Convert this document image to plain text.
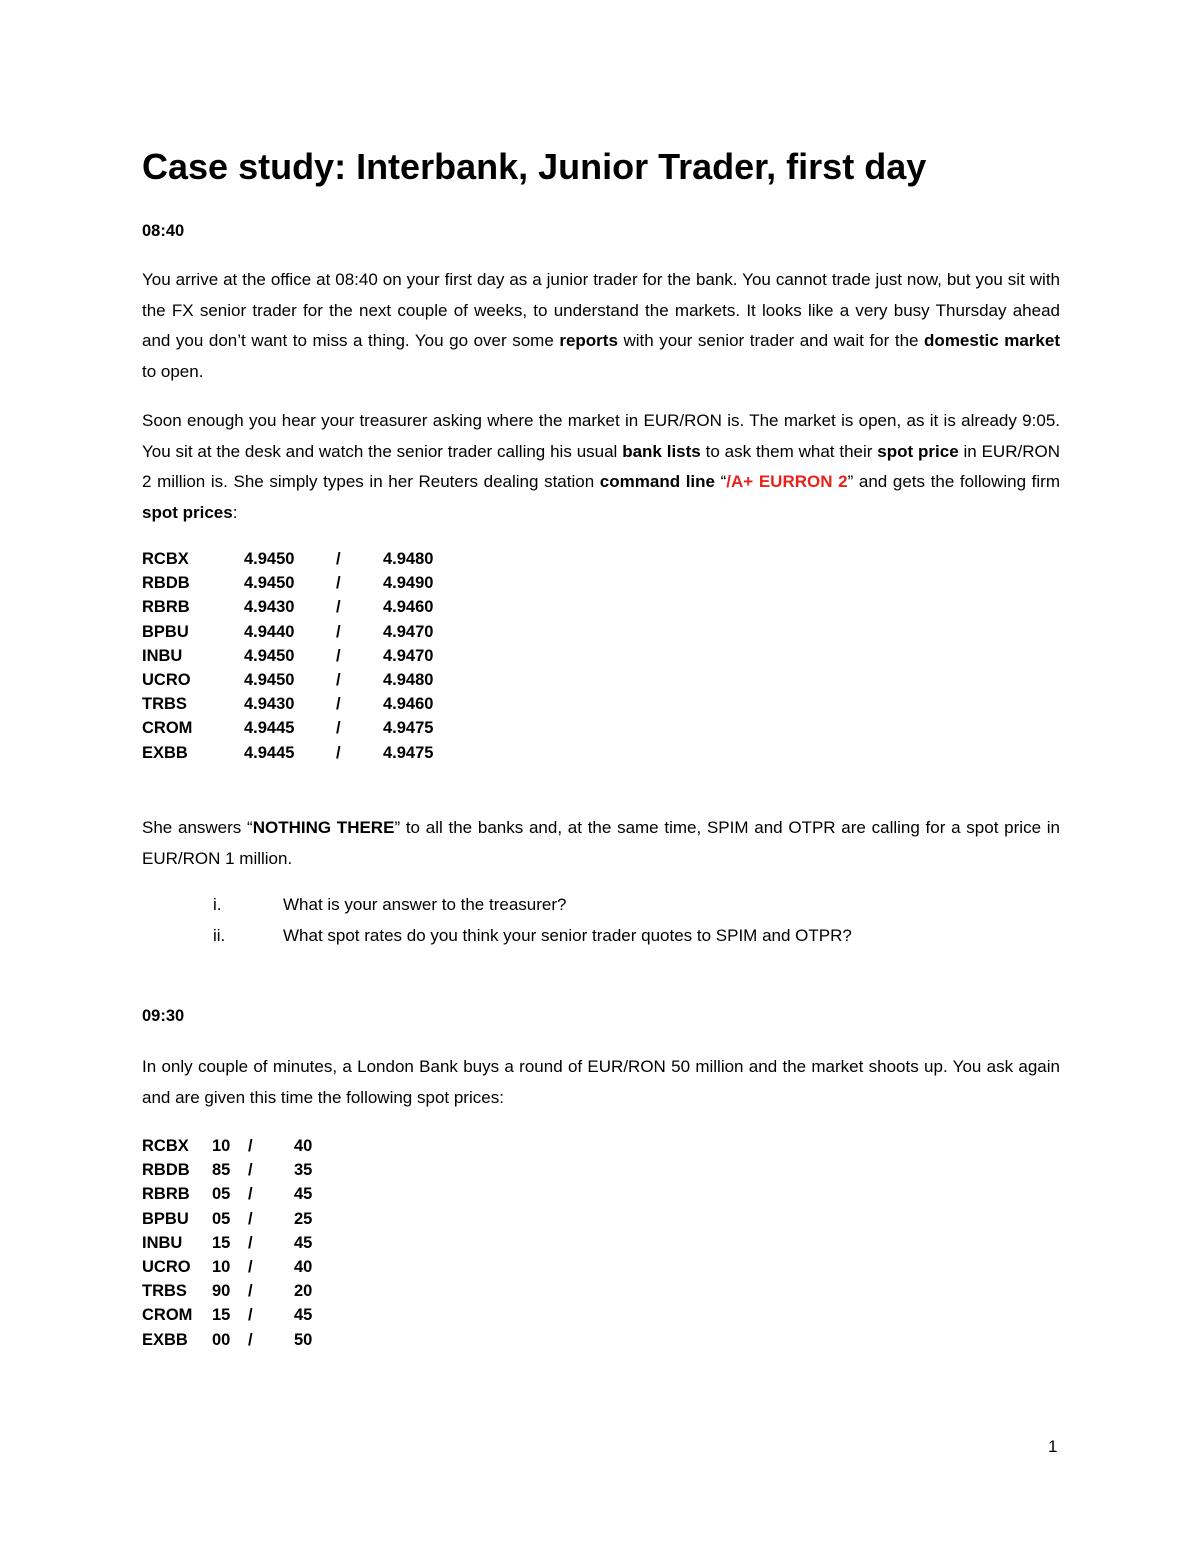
Case study: Interbank, Junior Trader, first day

08:40

You arrive at the office at 08:40 on your first day as a junior trader for the bank. You cannot trade just now, but you sit with the FX senior trader for the next couple of weeks, to understand the markets. It looks like a very busy Thursday ahead and you don’t want to miss a thing. You go over some reports with your senior trader and wait for the domestic market to open.

Soon enough you hear your treasurer asking where the market in EUR/RON is. The market is open, as it is already 9:05. You sit at the desk and watch the senior trader calling his usual bank lists to ask them what their spot price in EUR/RON 2 million is. She simply types in her Reuters dealing station command line “/A+ EURRON 2” and gets the following firm spot prices:

RCBX	4.9450	/	4.9480
RBDB	4.9450	/	4.9490
RBRB	4.9430	/	4.9460
BPBU	4.9440	/	4.9470
INBU	4.9450	/	4.9470
UCRO	4.9450	/	4.9480
TRBS	4.9430	/	4.9460
CROM	4.9445	/	4.9475
EXBB	4.9445	/	4.9475

She answers “NOTHING THERE” to all the banks and, at the same time, SPIM and OTPR are calling for a spot price in EUR/RON 1 million.

i.	What is your answer to the treasurer?

ii.	What spot rates do you think your senior trader quotes to SPIM and OTPR?

09:30

In only couple of minutes, a London Bank buys a round of EUR/RON 50 million and the market shoots up. You ask again and are given this time the following spot prices:

RCBX	10	/	40
RBDB	85	/	35
RBRB	05	/	45
BPBU	05	/	25
INBU	15	/	45
UCRO	10	/	40
TRBS	90	/	20
CROM	15	/	45
EXBB	00	/	50

1
